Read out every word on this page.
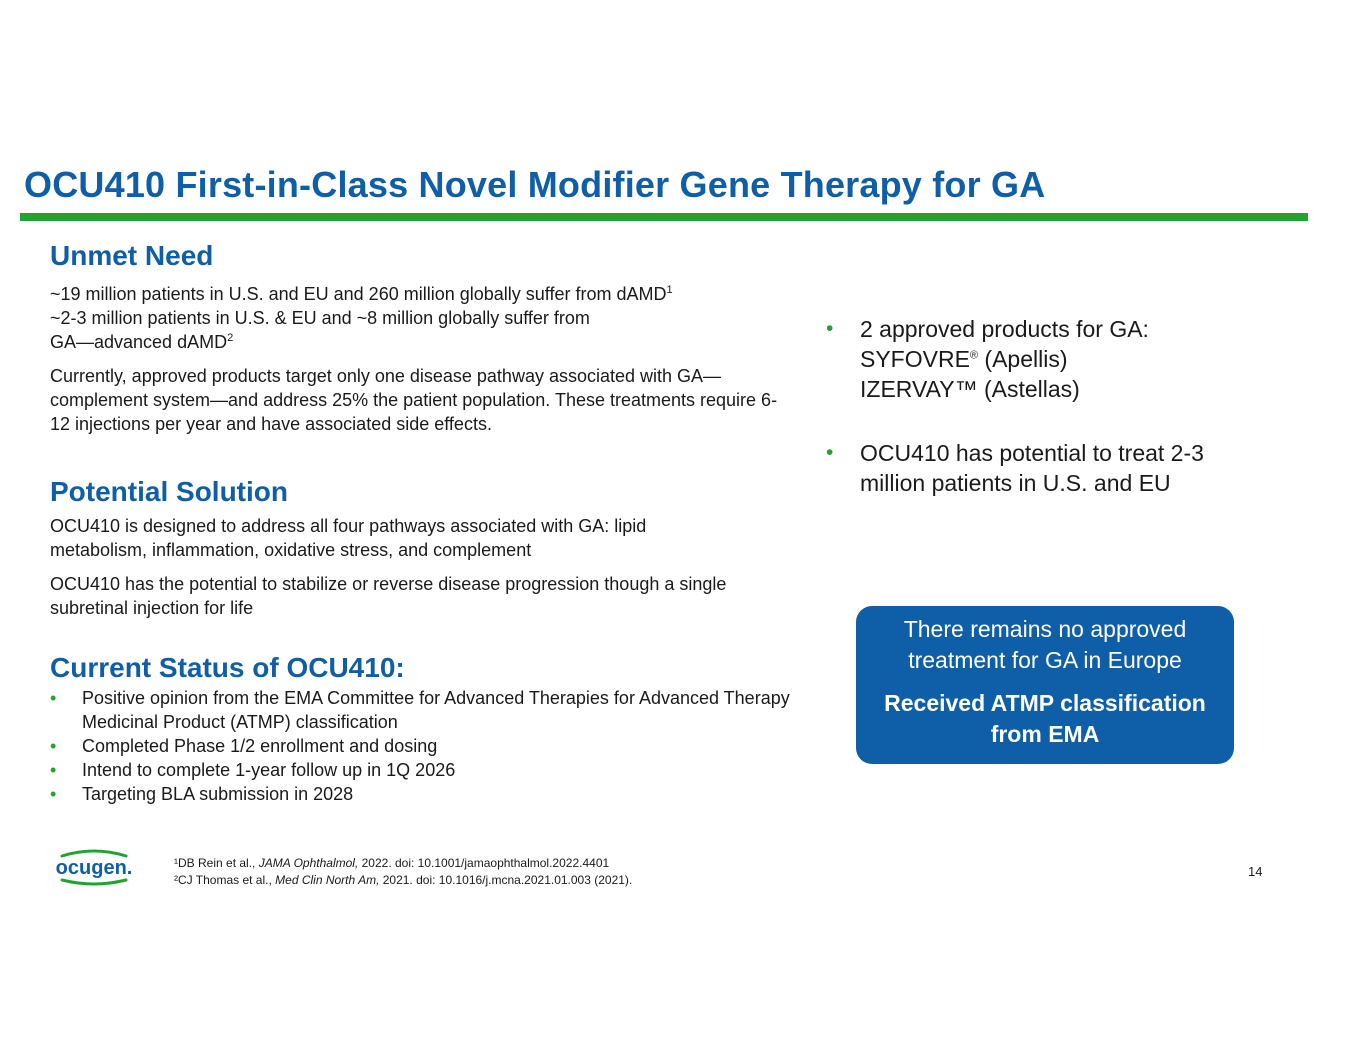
OCU410 First-in-Class Novel Modifier Gene Therapy for GA
Unmet Need

~19 million patients in U.S. and EU and 260 million globally suffer from dAMD$^1$

~2-3 million patients in U.S. & EU and ~8 million globally suffer from

GA—advanced dAMD$^2$

Currently, approved products target only one disease pathway associated with GA—complement system—and address 25% the patient population. These treatments require 6-12 injections per year and have associated side effects.

Potential Solution

OCU410 is designed to address all four pathways associated with GA: lipid metabolism, inflammation, oxidative stress, and complement

OCU410 has the potential to stabilize or reverse disease progression though a single subretinal injection for life

Current Status of OCU410:
• Positive opinion from the EMA Committee for Advanced Therapies for Advanced Therapy Medicinal Product (ATMP) classification
• Completed Phase 1/2 enrollment and dosing
• Intend to complete 1-year follow up in 1Q 2026
• Targeting BLA submission in 2028
• 2 approved products for GA:
SYFOVRE® (Apellis)
IZERVAY™ (Astellas)
• OCU410 has potential to treat 2-3 million patients in U.S. and EU

There remains no approved treatment for GA in Europe

Received ATMP classification from EMA

ocugen.	¹DB Rein et al., JAMA Ophthalmol, 2022. doi: 10.1001/jamaophthalmol.2022.4401
²CJ Thomas et al., Med Clin North Am, 2021. doi: 10.1016/j.mcna.2021.01.003 (2021).
14
